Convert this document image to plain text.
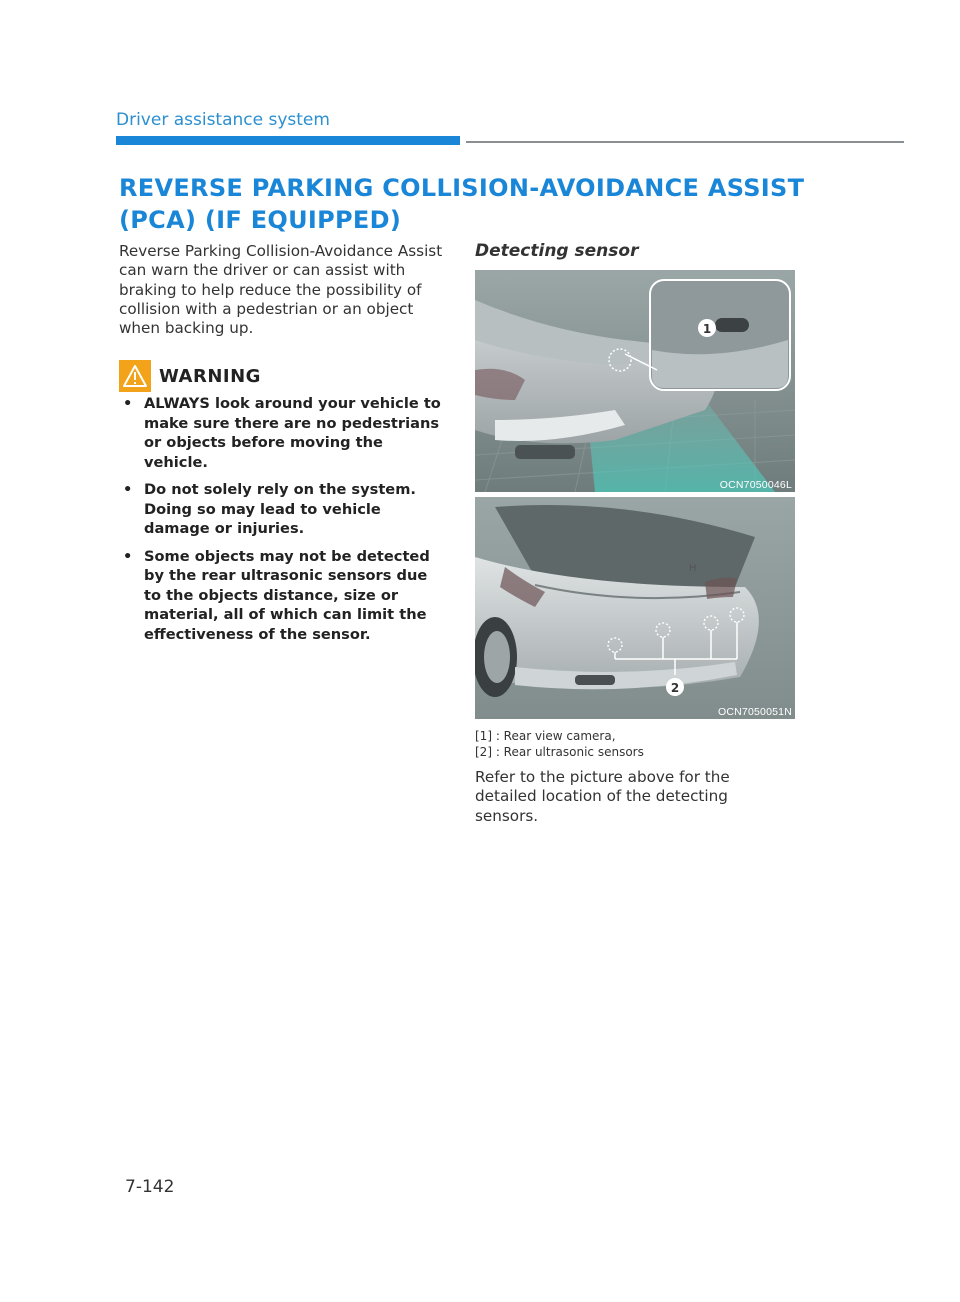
Driver assistance system
REVERSE PARKING COLLISION-AVOIDANCE ASSIST (PCA) (IF EQUIPPED)
Reverse Parking Collision-Avoidance Assist can warn the driver or can assist with braking to help reduce the possibility of collision with a pedestrian or an object when backing up.
WARNING
• ALWAYS look around your vehicle to make sure there are no pedestrians or objects before moving the vehicle.
• Do not solely rely on the system. Doing so may lead to vehicle damage or injuries.
• Some objects may not be detected by the rear ultrasonic sensors due to the objects distance, size or material, all of which can limit the effectiveness of the sensor.
Detecting sensor
1
OCN7050046L
H
2
OCN7050051N
[1] : Rear view camera,
[2] : Rear ultrasonic sensors
Refer to the picture above for the detailed location of the detecting sensors.
7-142
